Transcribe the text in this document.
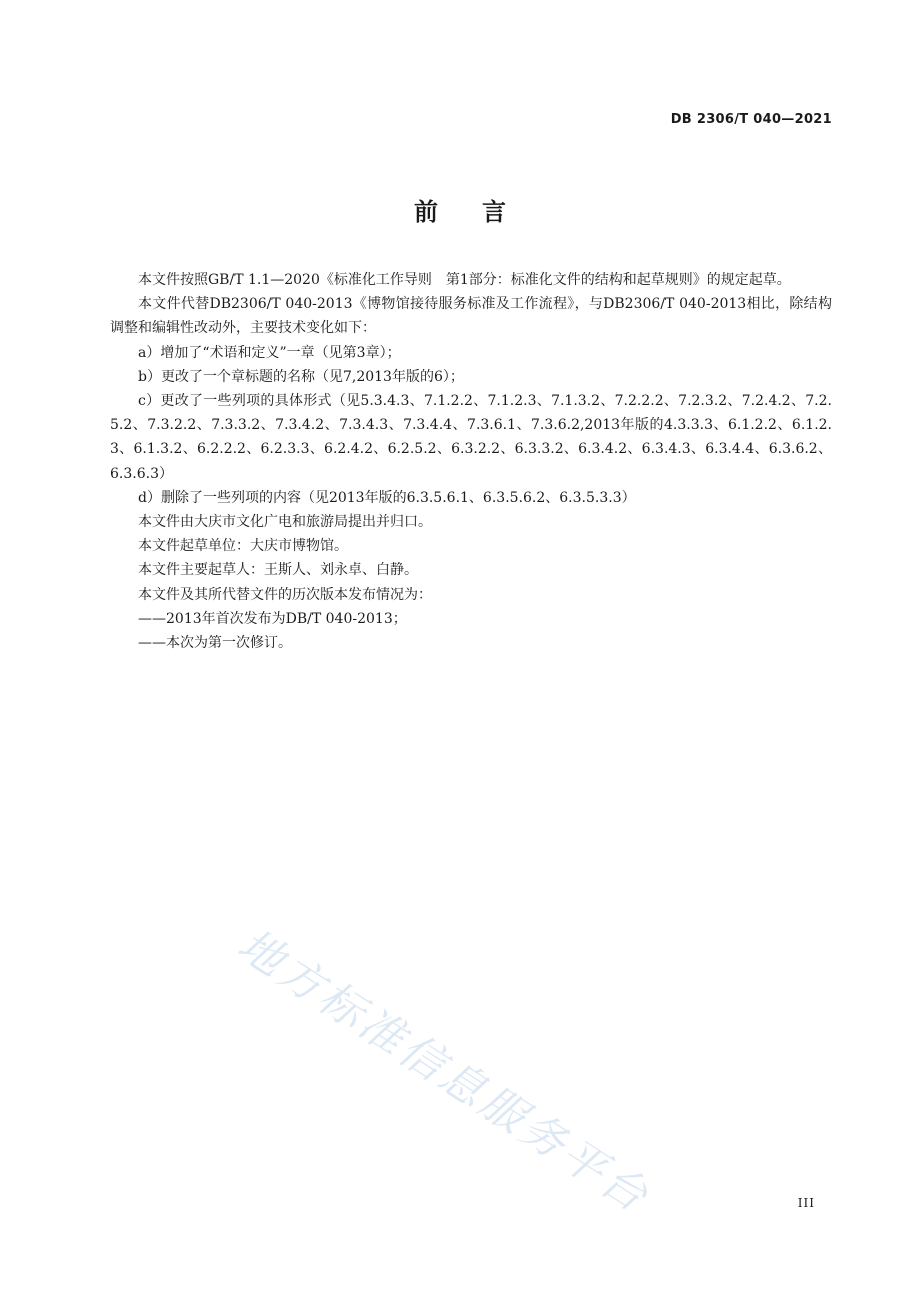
DB 2306/T 040—2021
前言

本文件按照GB/T 1.1—2020《标准化工作导则　第1部分：标准化文件的结构和起草规则》的规定起草。

本文件代替DB2306/T 040-2013《博物馆接待服务标准及工作流程》，与DB2306/T 040-2013相比，除结构调整和编辑性改动外，主要技术变化如下：

a）增加了“术语和定义”一章（见第3章）；

b）更改了一个章标题的名称（见7,2013年版的6）；

c）更改了一些列项的具体形式（见5.3.4.3、7.1.2.2、7.1.2.3、7.1.3.2、7.2.2.2、7.2.3.2、7.2.4.2、7.2.5.2、7.3.2.2、7.3.3.2、7.3.4.2、7.3.4.3、7.3.4.4、7.3.6.1、7.3.6.2,2013年版的4.3.3.3、6.1.2.2、6.1.2.3、6.1.3.2、6.2.2.2、6.2.3.3、6.2.4.2、6.2.5.2、6.3.2.2、6.3.3.2、6.3.4.2、6.3.4.3、6.3.4.4、6.3.6.2、6.3.6.3）

d）删除了一些列项的内容（见2013年版的6.3.5.6.1、6.3.5.6.2、6.3.5.3.3）

本文件由大庆市文化广电和旅游局提出并归口。

本文件起草单位：大庆市博物馆。

本文件主要起草人：王斯人、刘永卓、白静。

本文件及其所代替文件的历次版本发布情况为：

——2013年首次发布为DB/T 040-2013；

——本次为第一次修订。

地方标准信息服务平台	III
